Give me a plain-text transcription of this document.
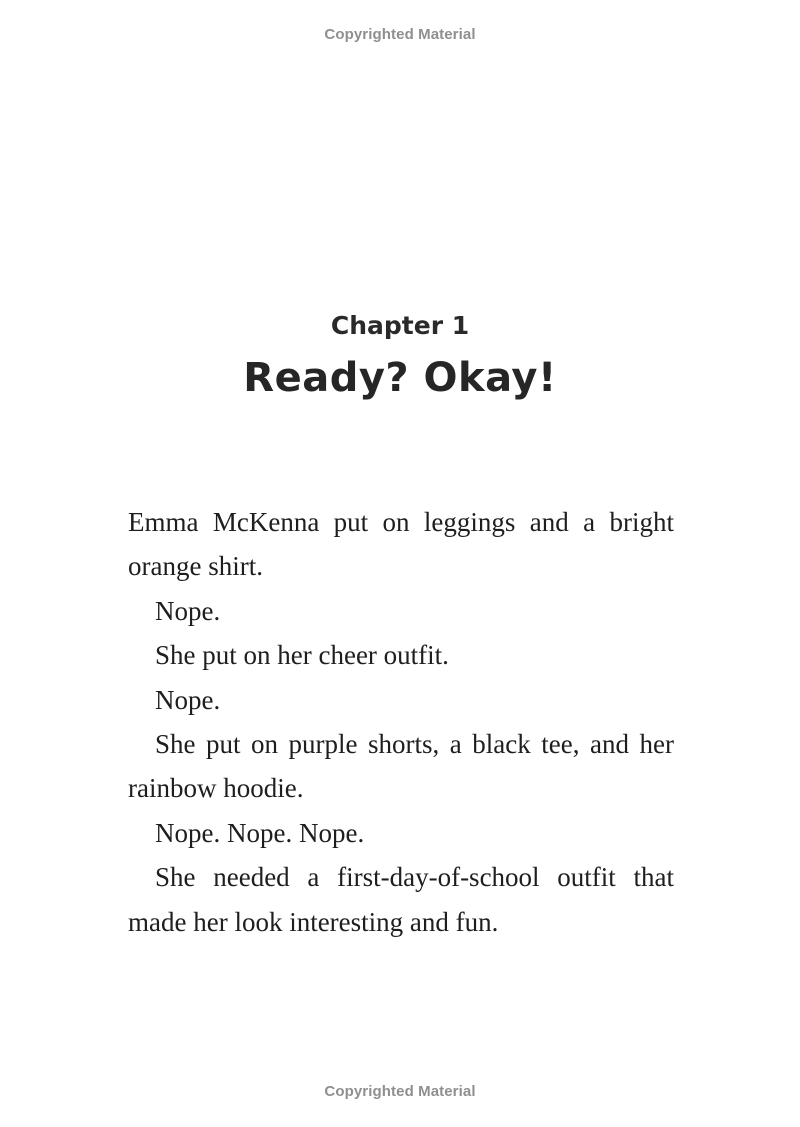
Copyrighted Material
Chapter 1
Ready? Okay!

Emma McKenna put on leggings and a bright orange shirt.

Nope.

She put on her cheer outfit.

Nope.

She put on purple shorts, a black tee, and her rainbow hoodie.

Nope. Nope. Nope.

She needed a first-day-of-school outfit that made her look interesting and fun.

Copyrighted Material
